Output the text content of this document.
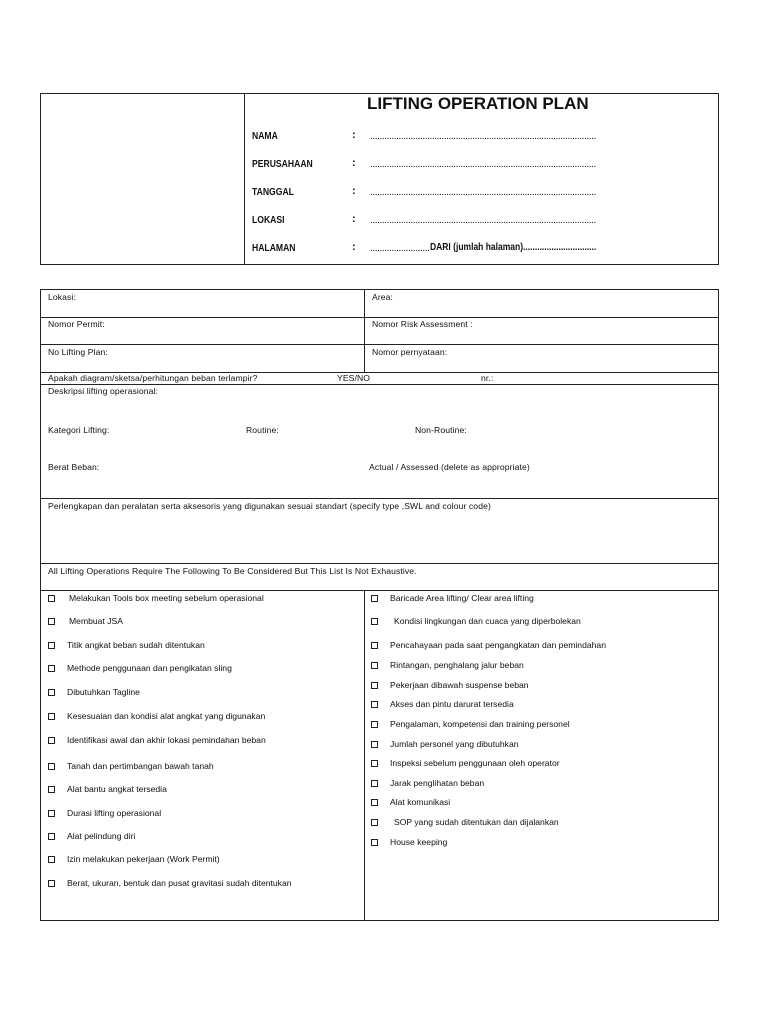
LIFTING OPERATION PLAN
NAMA	: ...............................................................................................
PERUSAHAAN	: ...............................................................................................
TANGGAL	: ...............................................................................................
LOKASI	: ...............................................................................................
HALAMAN	: ......................... DARI (jumlah halaman)...............................
Lokasi:	Area:
Nomor Permit:	Nomor Risk Assessment :
No Lifting Plan:	Nomor pernyataan:
Apakah diagram/sketsa/perhitungan beban terlampir?	YES/NO	nr.:
Deskripsi lifting operasional:
Kategori Lifting:	Routine:	Non-Routine:
Berat Beban:	Actual / Assessed (delete as appropriate)
Perlengkapan dan peralatan serta aksesoris yang digunakan sesuai standart (specify type ,SWL and colour code)
All Lifting Operations Require The Following To Be Considered But This List Is Not Exhaustive.
Melakukan Tools box meeting sebelum operasional
Membuat JSA
Titik angkat beban sudah ditentukan
Methode penggunaan dan pengikatan sling
Dibutuhkan Tagline
Kesesuaian dan kondisi alat angkat yang digunakan
Identifikasi awal dan akhir lokasi pemindahan beban
Tanah dan pertimbangan bawah tanah
Alat bantu angkat tersedia
Durasi lifting operasional
Alat pelindung diri
Izin melakukan pekerjaan (Work Permit)
Berat, ukuran, bentuk dan pusat gravitasi sudah ditentukan
Baricade Area lifting/ Clear area lifting
Kondisi lingkungan dan cuaca yang diperbolekan
Pencahayaan pada saat pengangkatan dan pemindahan
Rintangan, penghalang jalur beban
Pekerjaan dibawah suspense beban
Akses dan pintu darurat tersedia
Pengalaman, kompetensi dan training personel
Jumlah personel yang dibutuhkan
Inspeksi sebelum penggunaan oleh operator
Jarak penglihatan beban
Alat komunikasi
SOP yang sudah ditentukan dan dijalankan
House keeping
